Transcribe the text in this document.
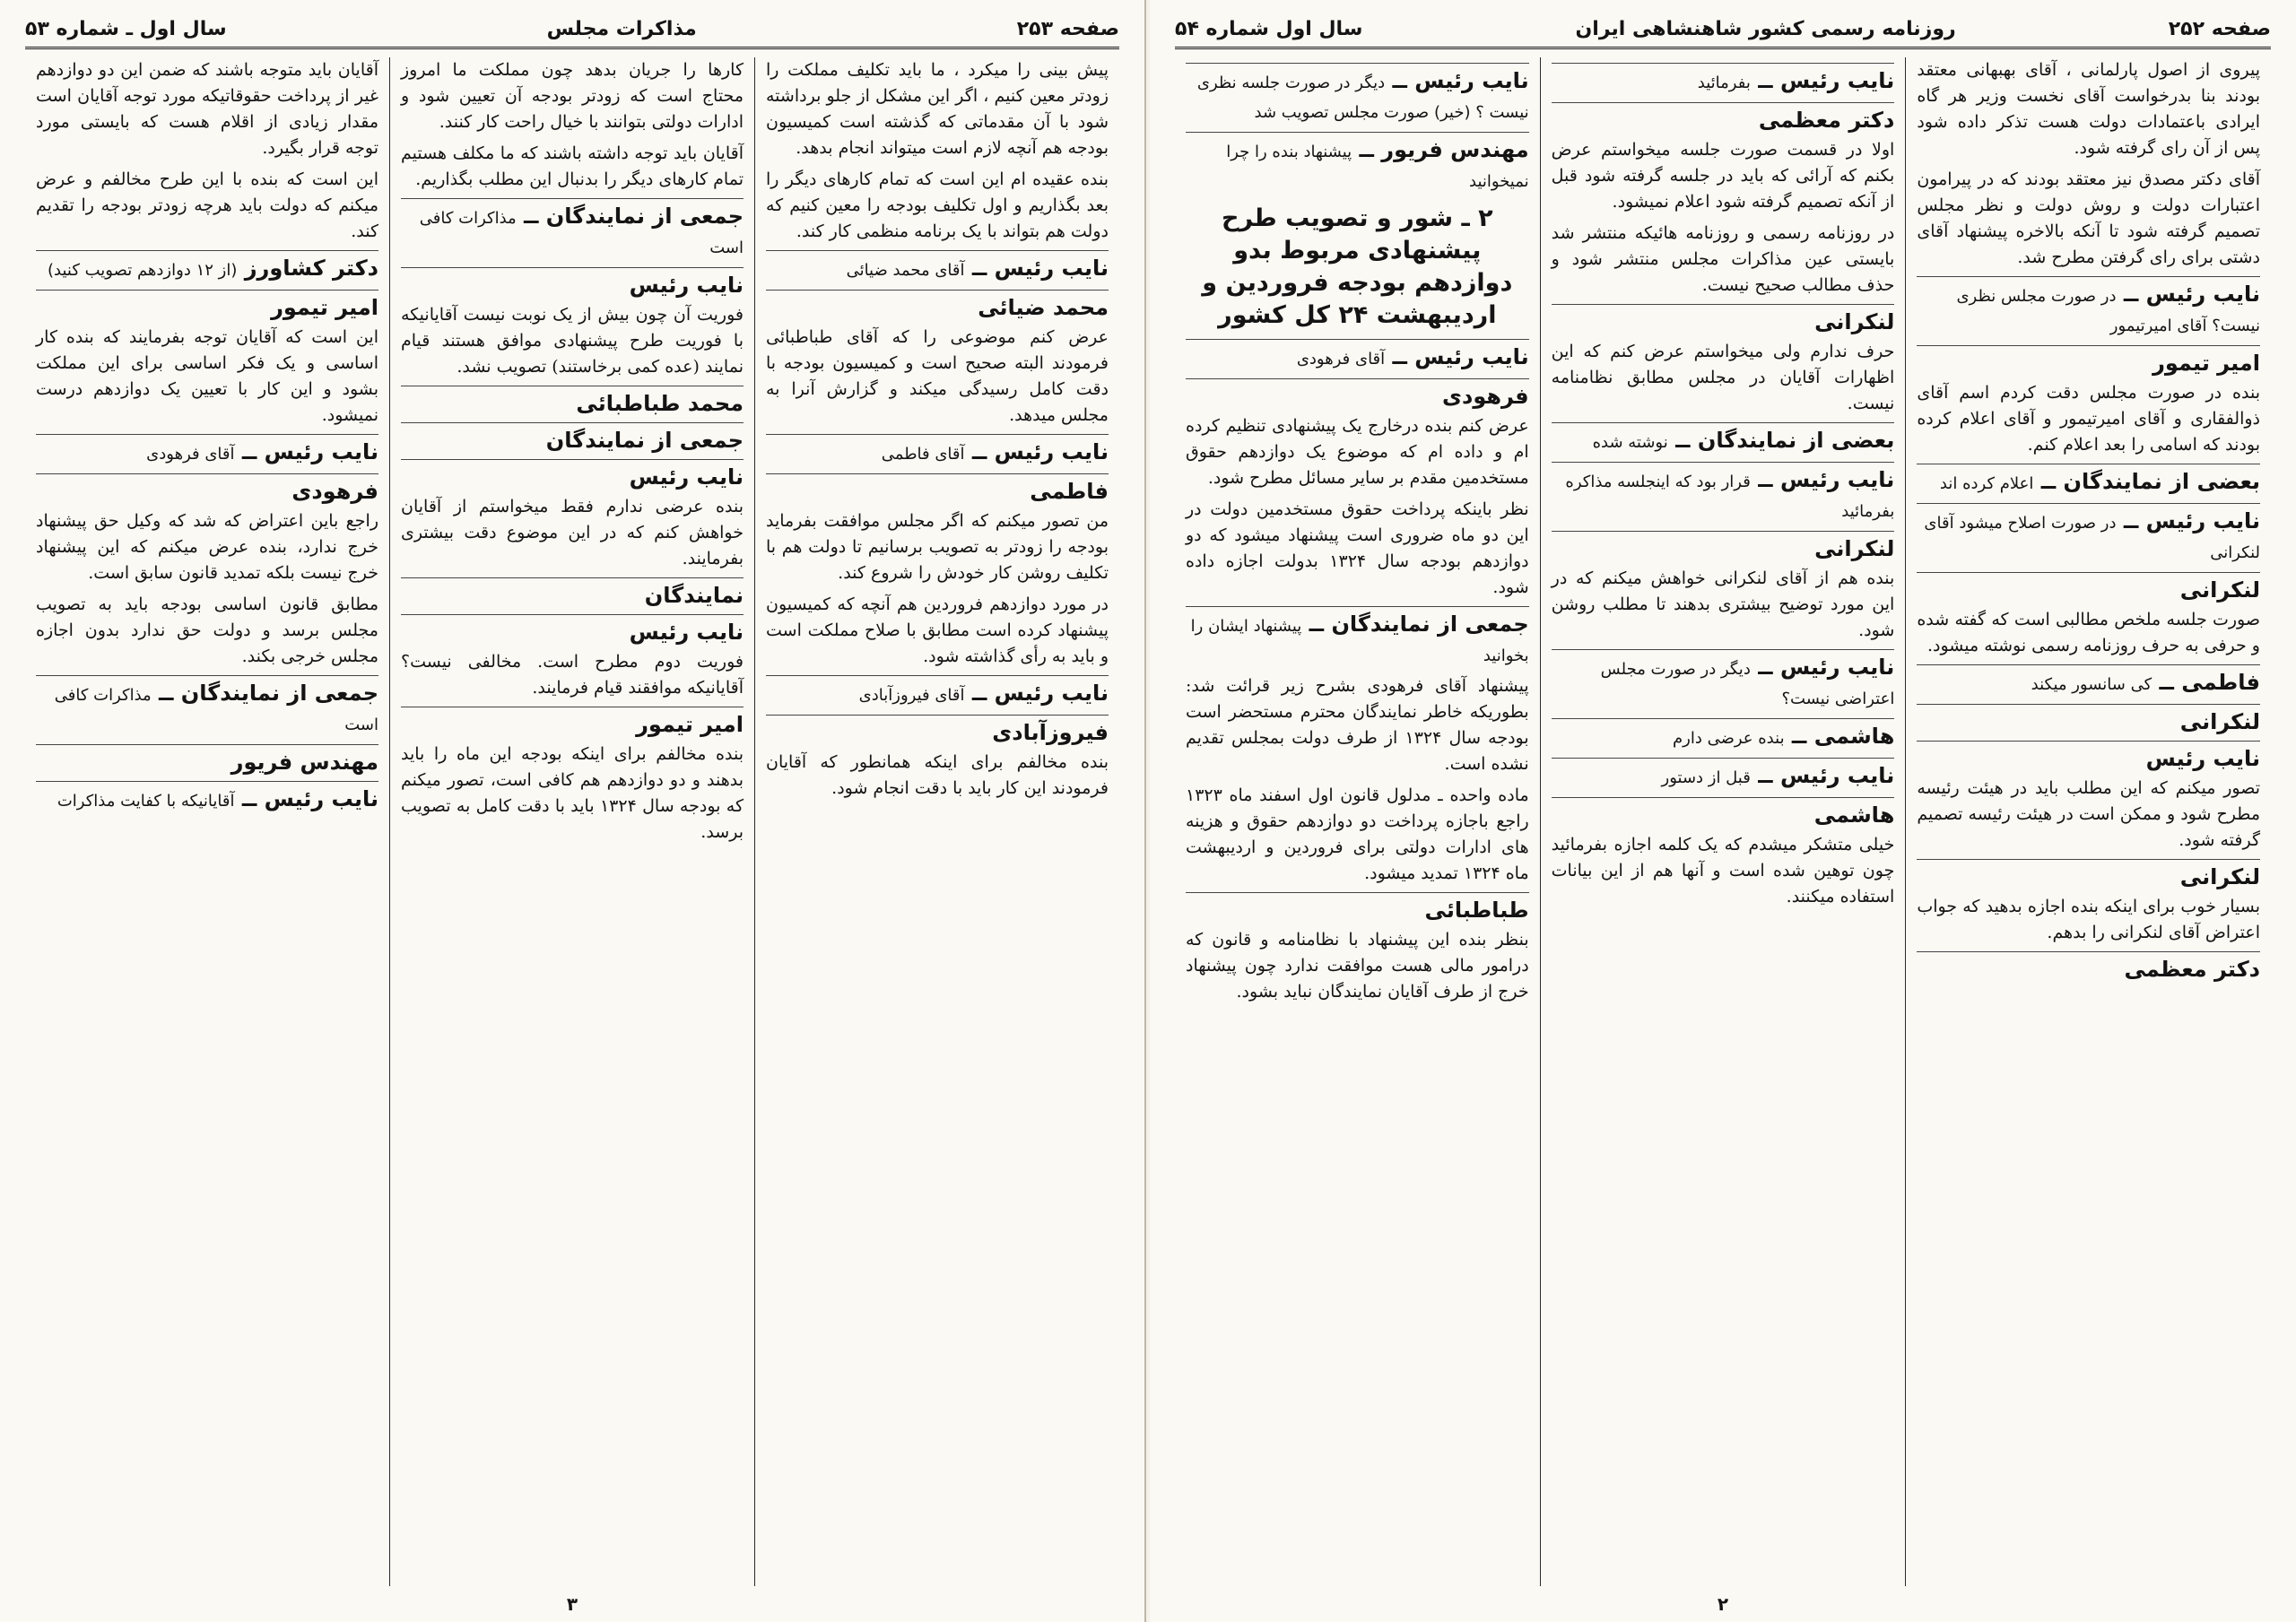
صفحه ۲۵۳
مذاکرات مجلس
سال اول ـ شماره ۵۳

پیش بینی را میکرد ، ما باید تکلیف مملکت را زودتر معین کنیم ، اگر این مشکل از جلو برداشته شود با آن مقدماتی که گذشته است کمیسیون بودجه هم آنچه لازم است میتواند انجام بدهد.

بنده عقیده ام این است که تمام کارهای دیگر را بعد بگذاریم و اول تکلیف بودجه را معین کنیم که دولت هم بتواند با یک برنامه منظمی کار کند.

نایب رئیس ــ آقای محمد ضیائی
محمد ضیائی

عرض کنم موضوعی را که آقای طباطبائی فرمودند البته صحیح است و کمیسیون بودجه با دقت کامل رسیدگی میکند و گزارش آنرا به مجلس میدهد.

نایب رئیس ــ آقای فاطمی
فاطمی

من تصور میکنم که اگر مجلس موافقت بفرماید بودجه را زودتر به تصویب برسانیم تا دولت هم با تکلیف روشن کار خودش را شروع کند.

در مورد دوازدهم فروردین هم آنچه که کمیسیون پیشنهاد کرده است مطابق با صلاح مملکت است و باید به رأی گذاشته شود.

نایب رئیس ــ آقای فیروزآبادی
فیروزآبادی

بنده مخالفم برای اینکه همانطور که آقایان فرمودند این کار باید با دقت انجام شود.

کارها را جریان بدهد چون مملکت ما امروز محتاج است که زودتر بودجه آن تعیین شود و ادارات دولتی بتوانند با خیال راحت کار کنند.

آقایان باید توجه داشته باشند که ما مکلف هستیم تمام کارهای دیگر را بدنبال این مطلب بگذاریم.

جمعی از نمایندگان ــ مذاکرات کافی است
نایب رئیس

فوریت آن چون بیش از یک نوبت نیست آقایانیکه با فوریت طرح پیشنهادی موافق هستند قیام نمایند (عده کمی برخاستند) تصویب نشد.

محمد طباطبائی
جمعی از نمایندگان
نایب رئیس

بنده عرضی ندارم فقط میخواستم از آقایان خواهش کنم که در این موضوع دقت بیشتری بفرمایند.

نمایندگان
نایب رئیس

فوریت دوم مطرح است. مخالفی نیست؟ آقایانیکه موافقند قیام فرمایند.

امیر تیمور

بنده مخالفم برای اینکه بودجه این ماه را باید بدهند و دو دوازدهم هم کافی است، تصور میکنم که بودجه سال ۱۳۲۴ باید با دقت کامل به تصویب برسد.

آقایان باید متوجه باشند که ضمن این دو دوازدهم غیر از پرداخت حقوقاتیکه مورد توجه آقایان است مقدار زیادی از اقلام هست که بایستی مورد توجه قرار بگیرد.

این است که بنده با این طرح مخالفم و عرض میکنم که دولت باید هرچه زودتر بودجه را تقدیم کند.

دکتر کشاورز (از ۱۲ دوازدهم تصویب کنید)
امیر تیمور

این است که آقایان توجه بفرمایند که بنده کار اساسی و یک فکر اساسی برای این مملکت بشود و این کار با تعیین یک دوازدهم درست نمیشود.

نایب رئیس ــ آقای فرهودی
فرهودی

راجع باین اعتراض که شد که وکیل حق پیشنهاد خرج ندارد، بنده عرض میکنم که این پیشنهاد خرج نیست بلکه تمدید قانون سابق است.

مطابق قانون اساسی بودجه باید به تصویب مجلس برسد و دولت حق ندارد بدون اجازه مجلس خرجی بکند.

جمعی از نمایندگان ــ مذاکرات کافی است
مهندس فریور
نایب رئیس ــ آقایانیکه با کفایت مذاکرات
۳
صفحه ۲۵۲
روزنامه رسمی کشور شاهنشاهی ایران
سال اول شماره ۵۴

پیروی از اصول پارلمانی ، آقای بهبهانی معتقد بودند بنا بدرخواست آقای نخست وزیر هر گاه ایرادی باعتمادات دولت هست تذکر داده شود پس از آن رای گرفته شود.

آقای دکتر مصدق نیز معتقد بودند که در پیرامون اعتبارات دولت و روش دولت و نظر مجلس تصمیم گرفته شود تا آنکه بالاخره پیشنهاد آقای دشتی برای رای گرفتن مطرح شد.

نایب رئیس ــ در صورت مجلس نظری نیست؟ آقای امیرتیمور
امیر تیمور

بنده در صورت مجلس دقت کردم اسم آقای ذوالفقاری و آقای امیرتیمور و آقای اعلام کرده بودند که اسامی را بعد اعلام کنم.

بعضی از نمایندگان ــ اعلام کرده اند
نایب رئیس ــ در صورت اصلاح میشود آقای لنکرانی
لنکرانی

صورت جلسه ملخص مطالبی است که گفته شده و حرفی به حرف روزنامه رسمی نوشته میشود.

فاطمی ــ کی سانسور میکند
لنکرانی
نایب رئیس

تصور میکنم که این مطلب باید در هیئت رئیسه مطرح شود و ممکن است در هیئت رئیسه تصمیم گرفته شود.

لنکرانی

بسیار خوب برای اینکه بنده اجازه بدهید که جواب اعتراض آقای لنکرانی را بدهم.

دکتر معظمی
نایب رئیس ــ بفرمائید
دکتر معظمی

اولا در قسمت صورت جلسه میخواستم عرض بکنم که آرائی که باید در جلسه گرفته شود قبل از آنکه تصمیم گرفته شود اعلام نمیشود.

در روزنامه رسمی و روزنامه هائیکه منتشر شد بایستی عین مذاکرات مجلس منتشر شود و حذف مطالب صحیح نیست.

لنکرانی

حرف ندارم ولی میخواستم عرض کنم که این اظهارات آقایان در مجلس مطابق نظامنامه نیست.

بعضی از نمایندگان ــ نوشته شده
نایب رئیس ــ قرار بود که اینجلسه مذاکره بفرمائید
لنکرانی

بنده هم از آقای لنکرانی خواهش میکنم که در این مورد توضیح بیشتری بدهند تا مطلب روشن شود.

نایب رئیس ــ دیگر در صورت مجلس اعتراضی نیست؟
هاشمی ــ بنده عرضی دارم
نایب رئیس ــ قبل از دستور
هاشمی

خیلی متشکر میشدم که یک کلمه اجازه بفرمائید چون توهین شده است و آنها هم از این بیانات استفاده میکنند.

نایب رئیس ــ دیگر در صورت جلسه نظری نیست ؟ (خیر) صورت مجلس تصویب شد
مهندس فریور ــ پیشنهاد بنده را چرا نمیخوانید
۲ ـ شور و تصویب طرح پیشنهادی مربوط بدو دوازدهم بودجه فروردین و اردیبهشت ۲۴ کل کشور
نایب رئیس ــ آقای فرهودی
فرهودی

عرض کنم بنده درخارج یک پیشنهادی تنظیم کرده ام و داده ام که موضوع یک دوازدهم حقوق مستخدمین مقدم بر سایر مسائل مطرح شود.

نظر باینکه پرداخت حقوق مستخدمین دولت در این دو ماه ضروری است پیشنهاد میشود که دو دوازدهم بودجه سال ۱۳۲۴ بدولت اجازه داده شود.

جمعی از نمایندگان ــ پیشنهاد ایشان را بخوانید

پیشنهاد آقای فرهودی بشرح زیر قرائت شد: بطوریکه خاطر نمایندگان محترم مستحضر است بودجه سال ۱۳۲۴ از طرف دولت بمجلس تقدیم نشده است.

ماده واحده ـ مدلول قانون اول اسفند ماه ۱۳۲۳ راجع باجازه پرداخت دو دوازدهم حقوق و هزینه های ادارات دولتی برای فروردین و اردیبهشت ماه ۱۳۲۴ تمدید میشود.

طباطبائی

بنظر بنده این پیشنهاد با نظامنامه و قانون که درامور مالی هست موافقت ندارد چون پیشنهاد خرج از طرف آقایان نمایندگان نباید بشود.

۲
